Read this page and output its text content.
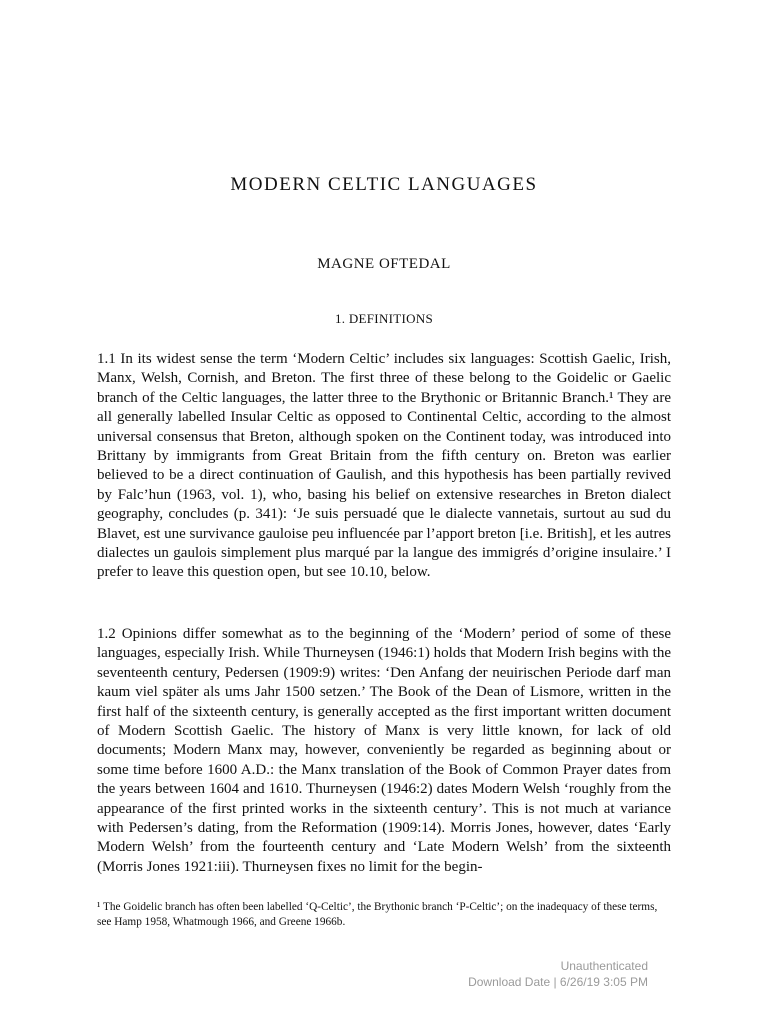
MODERN CELTIC LANGUAGES
MAGNE OFTEDAL
1. DEFINITIONS

1.1 In its widest sense the term ‘Modern Celtic’ includes six languages: Scottish Gaelic, Irish, Manx, Welsh, Cornish, and Breton. The first three of these belong to the Goidelic or Gaelic branch of the Celtic languages, the latter three to the Brythonic or Britannic Branch.¹ They are all generally labelled Insular Celtic as opposed to Continental Celtic, according to the almost universal consensus that Breton, although spoken on the Continent today, was introduced into Brittany by immigrants from Great Britain from the fifth century on. Breton was earlier believed to be a direct continuation of Gaulish, and this hypothesis has been partially revived by Falc’hun (1963, vol. 1), who, basing his belief on extensive researches in Breton dialect geography, concludes (p. 341): ‘Je suis persuadé que le dialecte vannetais, surtout au sud du Blavet, est une survivance gauloise peu influencée par l’apport breton [i.e. British], et les autres dialectes un gaulois simplement plus marqué par la langue des immigrés d’origine insulaire.’ I prefer to leave this question open, but see 10.10, below.

1.2 Opinions differ somewhat as to the beginning of the ‘Modern’ period of some of these languages, especially Irish. While Thurneysen (1946:1) holds that Modern Irish begins with the seventeenth century, Pedersen (1909:9) writes: ‘Den Anfang der neuirischen Periode darf man kaum viel später als ums Jahr 1500 setzen.’ The Book of the Dean of Lismore, written in the first half of the sixteenth century, is generally accepted as the first important written document of Modern Scottish Gaelic. The history of Manx is very little known, for lack of old documents; Modern Manx may, however, conveniently be regarded as beginning about or some time before 1600 A.D.: the Manx translation of the Book of Common Prayer dates from the years between 1604 and 1610. Thurneysen (1946:2) dates Modern Welsh ‘roughly from the appearance of the first printed works in the sixteenth century’. This is not much at variance with Pedersen’s dating, from the Reformation (1909:14). Morris Jones, however, dates ‘Early Modern Welsh’ from the fourteenth century and ‘Late Modern Welsh’ from the sixteenth (Morris Jones 1921:iii). Thurneysen fixes no limit for the begin-

¹ The Goidelic branch has often been labelled ‘Q-Celtic’, the Brythonic branch ‘P-Celtic’; on the inadequacy of these terms, see Hamp 1958, Whatmough 1966, and Greene 1966b.

Unauthenticated
Download Date | 6/26/19 3:05 PM
